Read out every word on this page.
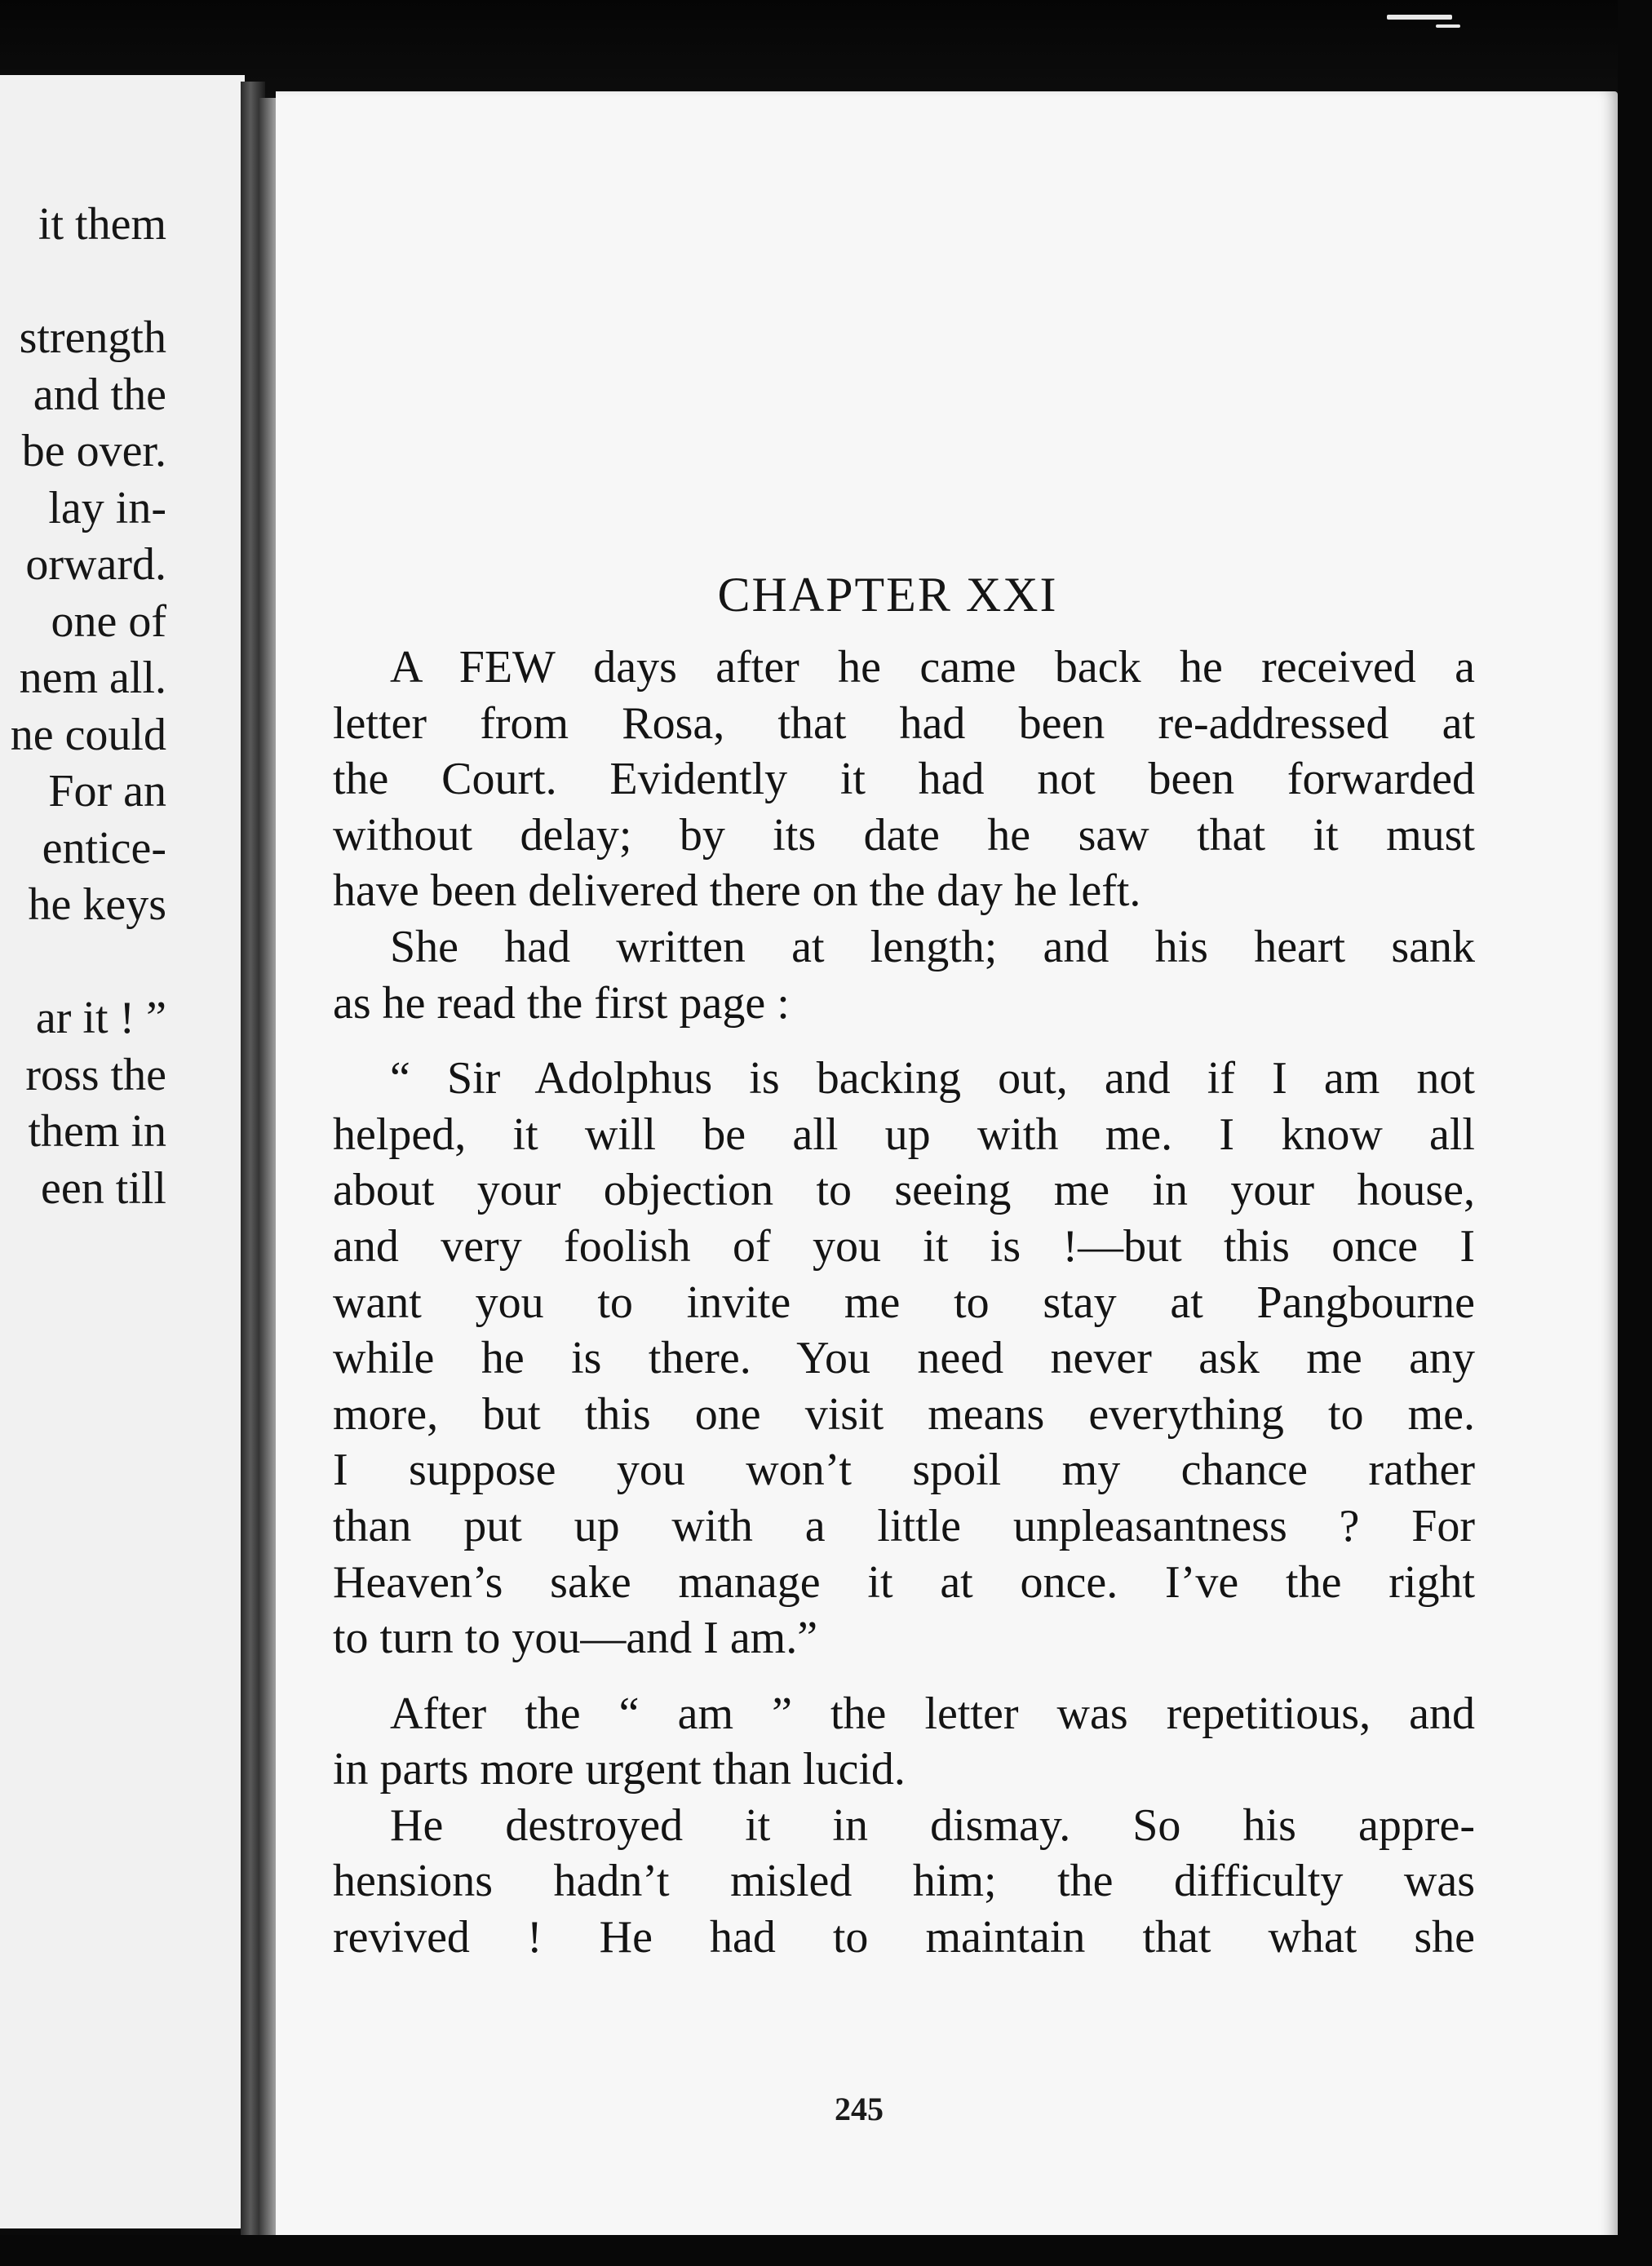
it them
strength
and the
be over.
lay in-
orward.
one of
nem all.
ne could
For an
entice-
he keys
ar it ! ”
ross the
them in
een till
CHAPTER XXI
A FEW days after he came back he received a
letter from Rosa, that had been re-addressed at
the Court. Evidently it had not been forwarded
without delay; by its date he saw that it must
have been delivered there on the day he left.
She had written at length; and his heart sank
as he read the first page :
“ Sir Adolphus is backing out, and if I am not
helped, it will be all up with me. I know all
about your objection to seeing me in your house,
and very foolish of you it is !—but this once I
want you to invite me to stay at Pangbourne
while he is there. You need never ask me any
more, but this one visit means everything to me.
I suppose you won’t spoil my chance rather
than put up with a little unpleasantness ? For
Heaven’s sake manage it at once. I’ve the right
to turn to you—and I am.”
After the “ am ” the letter was repetitious, and
in parts more urgent than lucid.
He destroyed it in dismay. So his appre-
hensions hadn’t misled him; the difficulty was
revived ! He had to maintain that what she
245
